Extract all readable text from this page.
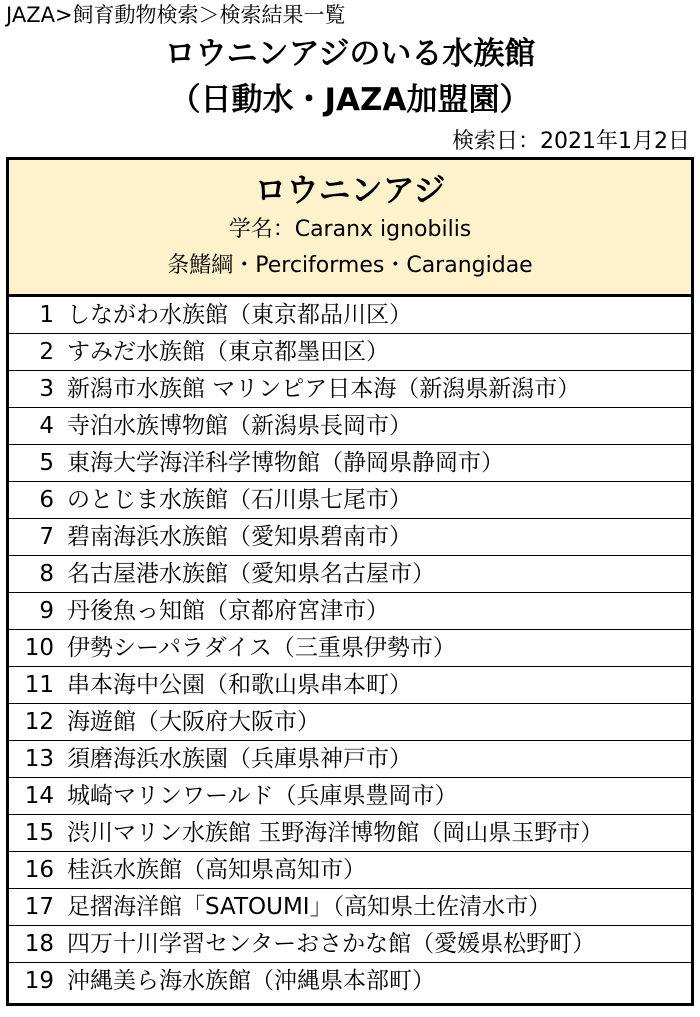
JAZA>飼育動物検索＞検索結果一覧
ロウニンアジのいる水族館
（日動水・JAZA加盟園）
検索日：2021年1月2日
ロウニンアジ
学名：Caranx ignobilis
条鰭綱・Perciformes・Carangidae
1 しながわ水族館（東京都品川区）
2 すみだ水族館（東京都墨田区）
3 新潟市水族館 マリンピア日本海（新潟県新潟市）
4 寺泊水族博物館（新潟県長岡市）
5 東海大学海洋科学博物館（静岡県静岡市）
6 のとじま水族館（石川県七尾市）
7 碧南海浜水族館（愛知県碧南市）
8 名古屋港水族館（愛知県名古屋市）
9 丹後魚っ知館（京都府宮津市）
10 伊勢シーパラダイス（三重県伊勢市）
11 串本海中公園（和歌山県串本町）
12 海遊館（大阪府大阪市）
13 須磨海浜水族園（兵庫県神戸市）
14 城崎マリンワールド（兵庫県豊岡市）
15 渋川マリン水族館 玉野海洋博物館（岡山県玉野市）
16 桂浜水族館（高知県高知市）
17 足摺海洋館「SATOUMI」（高知県土佐清水市）
18 四万十川学習センターおさかな館（愛媛県松野町）
19 沖縄美ら海水族館（沖縄県本部町）
